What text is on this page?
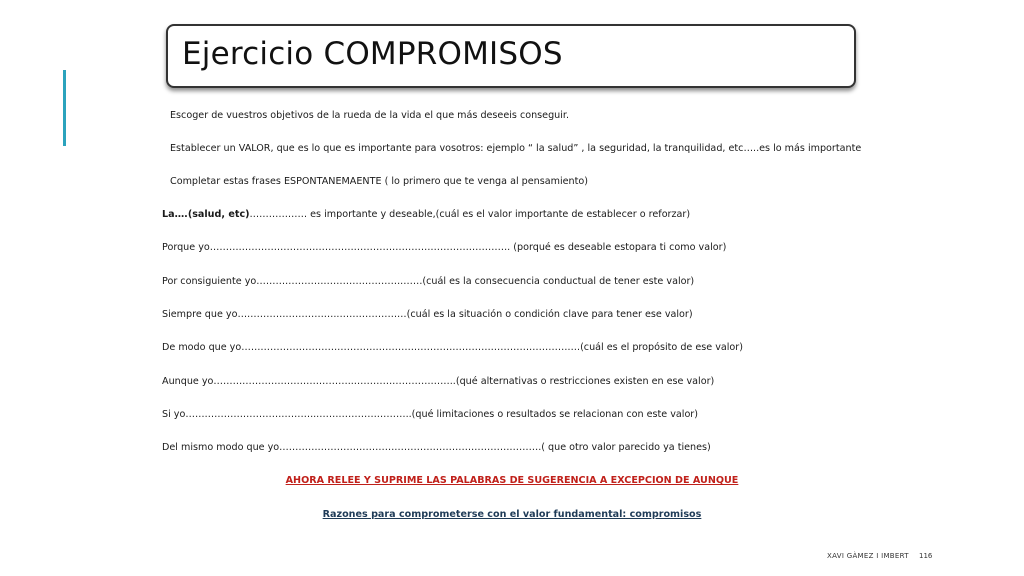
Ejercicio COMPROMISOS
Escoger de vuestros objetivos de la rueda de la vida el que más deseeis conseguir.
Establecer un VALOR, que es lo que es importante para vosotros: ejemplo “ la salud” , la seguridad, la tranquilidad, etc…..es lo más importante
Completar estas frases ESPONTANEMAENTE ( lo primero que te venga al pensamiento)
La….(salud, etc)……………… es importante y deseable,(cuál es el valor importante de establecer o reforzar)
Porque yo…………………………………………………………………………………. (porqué es deseable estopara ti como valor)
Por consiguiente yo……………………………………….……(cuál es la consecuencia conductual de tener este valor)
Siempre que yo…………………………..…………………(cuál es la situación o condición clave para tener ese valor)
De modo que yo…………………………………………………………………………………………….(cuál es el propósito de ese valor)
Aunque yo……………………………………..…………………………..(qué alternativas o restricciones existen en ese valor)
Si yo…………………………………...………………………..(qué limitaciones o resultados se relacionan con este valor)
Del mismo modo que yo……………………………………………………………………….( que otro valor parecido ya tienes)
AHORA RELEE Y SUPRIME LAS PALABRAS DE SUGERENCIA A EXCEPCION DE AUNQUE
Razones para comprometerse con el valor fundamental: compromisos
XAVI GÀMEZ I IMBERT 116
